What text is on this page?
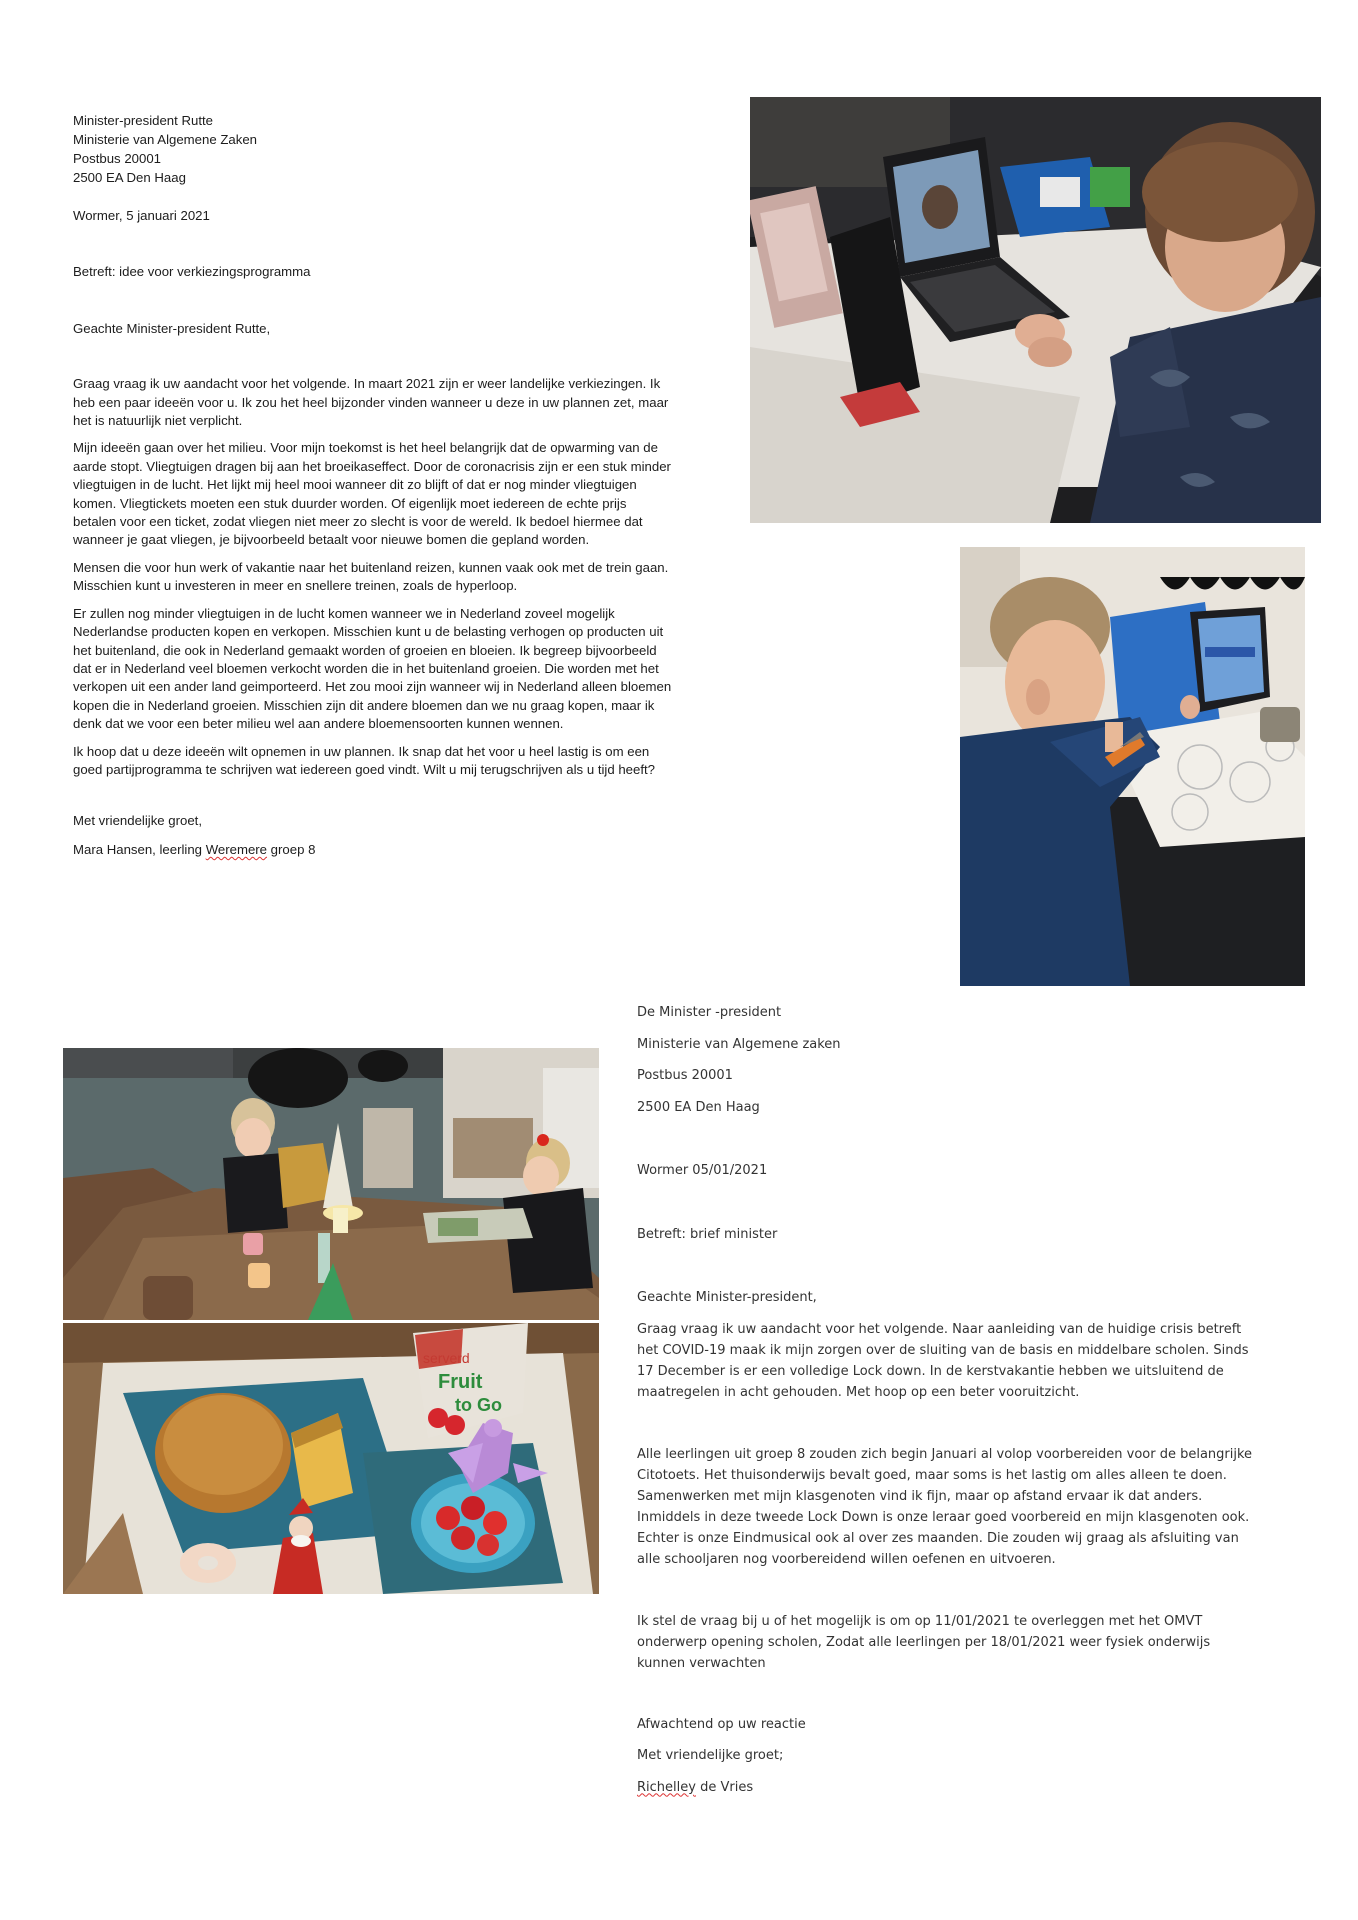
Minister-president Rutte
Ministerie van Algemene Zaken
Postbus 20001
2500 EA Den Haag
Wormer, 5 januari 2021
Betreft: idee voor verkiezingsprogramma
Geachte Minister-president Rutte,

Graag vraag ik uw aandacht voor het volgende. In maart 2021 zijn er weer landelijke verkiezingen. Ik heb een paar ideeën voor u. Ik zou het heel bijzonder vinden wanneer u deze in uw plannen zet, maar het is natuurlijk niet verplicht.

Mijn ideeën gaan over het milieu. Voor mijn toekomst is het heel belangrijk dat de opwarming van de aarde stopt. Vliegtuigen dragen bij aan het broeikaseffect. Door de coronacrisis zijn er een stuk minder vliegtuigen in de lucht. Het lijkt mij heel mooi wanneer dit zo blijft of dat er nog minder vliegtuigen komen. Vliegtickets moeten een stuk duurder worden. Of eigenlijk moet iedereen de echte prijs betalen voor een ticket, zodat vliegen niet meer zo slecht is voor de wereld. Ik bedoel hiermee dat wanneer je gaat vliegen, je bijvoorbeeld betaalt voor nieuwe bomen die gepland worden.

Mensen die voor hun werk of vakantie naar het buitenland reizen, kunnen vaak ook met de trein gaan. Misschien kunt u investeren in meer en snellere treinen, zoals de hyperloop.

Er zullen nog minder vliegtuigen in de lucht komen wanneer we in Nederland zoveel mogelijk Nederlandse producten kopen en verkopen. Misschien kunt u de belasting verhogen op producten uit het buitenland, die ook in Nederland gemaakt worden of groeien en bloeien. Ik begreep bijvoorbeeld dat er in Nederland veel bloemen verkocht worden die in het buitenland groeien. Die worden met het verkopen uit een ander land geimporteerd. Het zou mooi zijn wanneer wij in Nederland alleen bloemen kopen die in Nederland groeien. Misschien zijn dit andere bloemen dan we nu graag kopen, maar ik denk dat we voor een beter milieu wel aan andere bloemensoorten kunnen wennen.

Ik hoop dat u deze ideeën wilt opnemen in uw plannen. Ik snap dat het voor u heel lastig is om een goed partijprogramma te schrijven wat iedereen goed vindt. Wilt u mij terugschrijven als u tijd heeft?

Met vriendelijke groet,
Mara Hansen, leerling Weremere groep 8
serverd
Fruit
to Go
De Minister -president
Ministerie van Algemene zaken
Postbus 20001
2500 EA Den Haag
Wormer 05/01/2021
Betreft: brief minister
Geachte Minister-president,

Graag vraag ik uw aandacht voor het volgende. Naar aanleiding van de huidige crisis betreft het COVID-19 maak ik mijn zorgen over de sluiting van de basis en middelbare scholen. Sinds 17 December is er een volledige Lock down. In de kerstvakantie hebben we uitsluitend de maatregelen in acht gehouden. Met hoop op een beter vooruitzicht.

Alle leerlingen uit groep 8 zouden zich begin Januari al volop voorbereiden voor de belangrijke Citotoets. Het thuisonderwijs bevalt goed, maar soms is het lastig om alles alleen te doen. Samenwerken met mijn klasgenoten vind ik fijn, maar op afstand ervaar ik dat anders. Inmiddels in deze tweede Lock Down is onze leraar goed voorbereid en mijn klasgenoten ook. Echter is onze Eindmusical ook al over zes maanden. Die zouden wij graag als afsluiting van alle schooljaren nog voorbereidend willen oefenen en uitvoeren.

Ik stel de vraag bij u of het mogelijk is om op 11/01/2021 te overleggen met het OMVT onderwerp opening scholen, Zodat alle leerlingen per 18/01/2021 weer fysiek onderwijs kunnen verwachten

Afwachtend op uw reactie
Met vriendelijke groet;
Richelley de Vries
